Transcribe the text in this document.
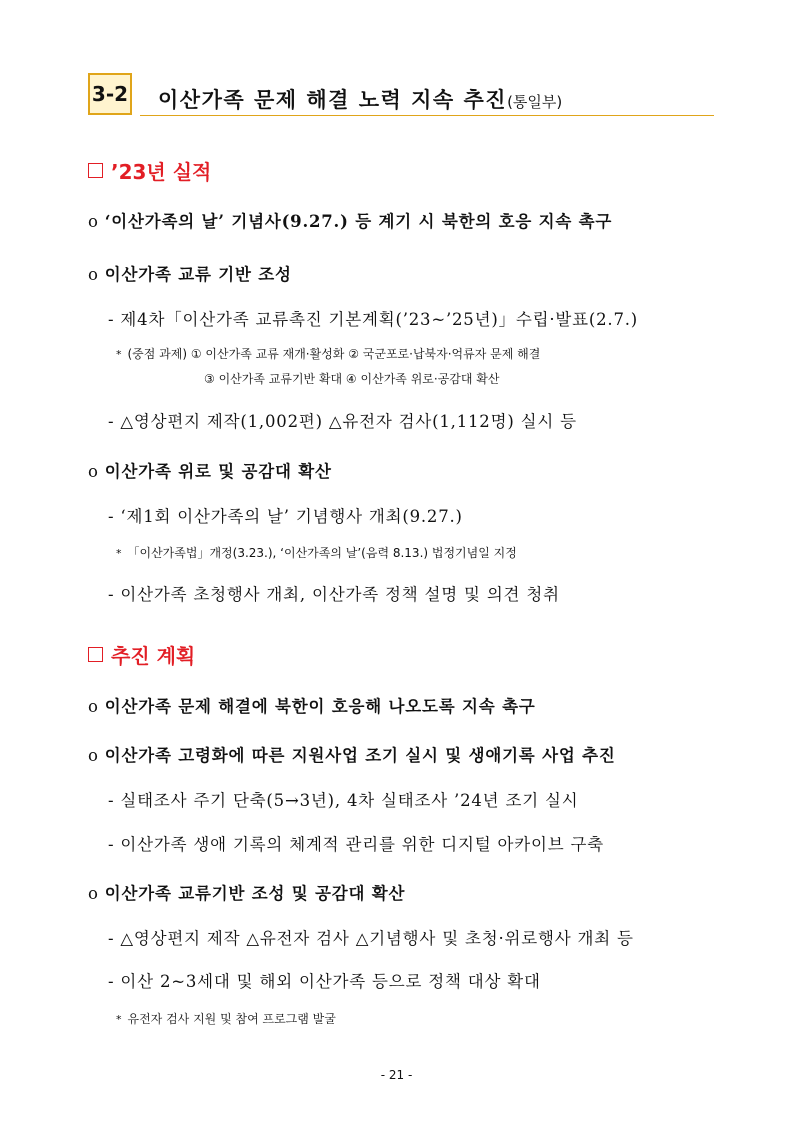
3-2 이산가족 문제 해결 노력 지속 추진(통일부)
’23년 실적
o ‘이산가족의 날’ 기념사(9.27.) 등 계기 시 북한의 호응 지속 촉구
o 이산가족 교류 기반 조성
- 제4차「이산가족 교류촉진 기본계획(’23~’25년)」수립·발표(2.7.)
* (중점 과제) ① 이산가족 교류 재개·활성화 ② 국군포로·납북자·억류자 문제 해결
③ 이산가족 교류기반 확대 ④ 이산가족 위로·공감대 확산
- △영상편지 제작(1,002편) △유전자 검사(1,112명) 실시 등
o 이산가족 위로 및 공감대 확산
- ‘제1회 이산가족의 날’ 기념행사 개최(9.27.)
* 「이산가족법」개정(3.23.), ‘이산가족의 날’(음력 8.13.) 법정기념일 지정
- 이산가족 초청행사 개최, 이산가족 정책 설명 및 의견 청취
추진 계획
o 이산가족 문제 해결에 북한이 호응해 나오도록 지속 촉구
o 이산가족 고령화에 따른 지원사업 조기 실시 및 생애기록 사업 추진
- 실태조사 주기 단축(5→3년), 4차 실태조사 ’24년 조기 실시
- 이산가족 생애 기록의 체계적 관리를 위한 디지털 아카이브 구축
o 이산가족 교류기반 조성 및 공감대 확산
- △영상편지 제작 △유전자 검사 △기념행사 및 초청·위로행사 개최 등
- 이산 2~3세대 및 해외 이산가족 등으로 정책 대상 확대
* 유전자 검사 지원 및 참여 프로그램 발굴
- 21 -
